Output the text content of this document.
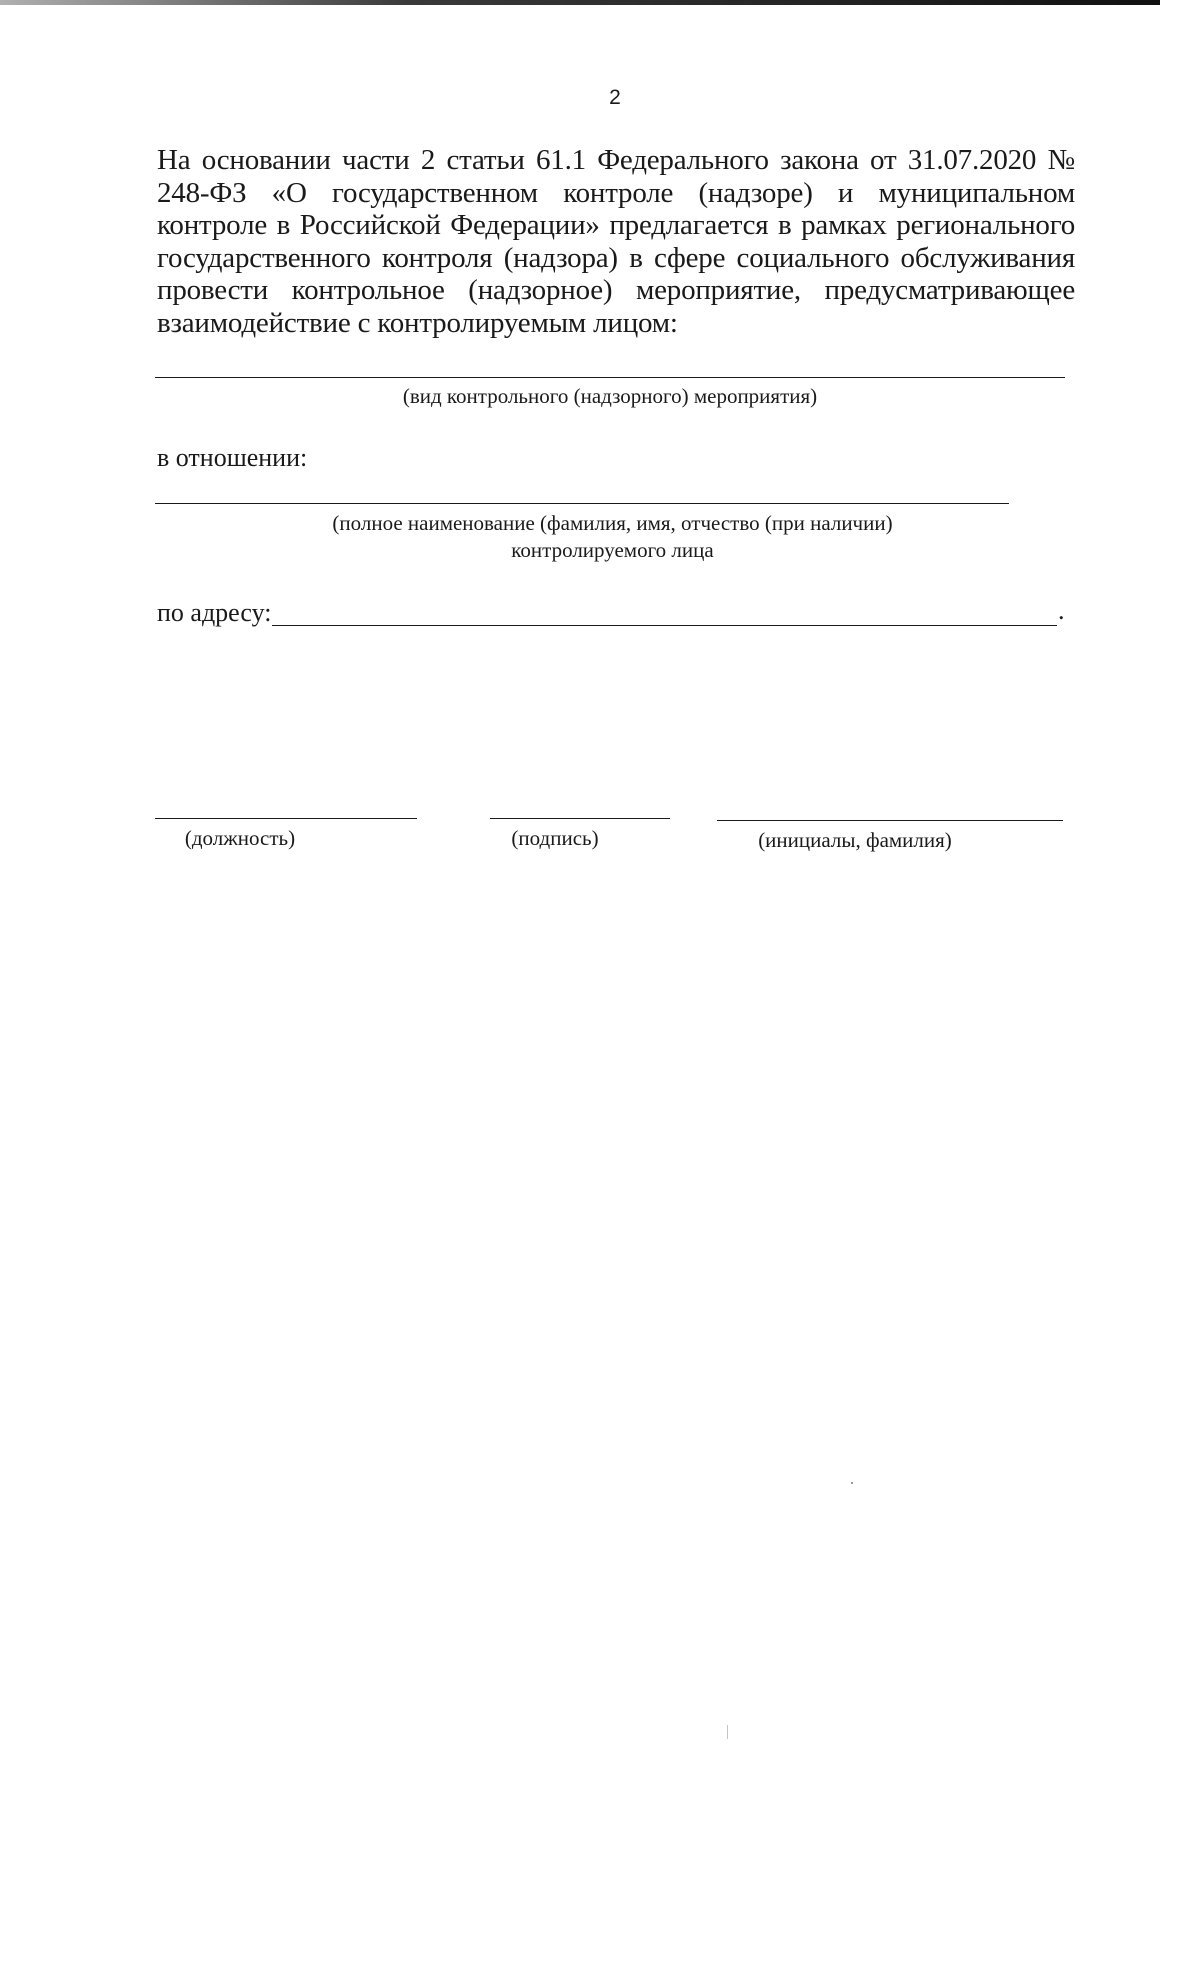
2
На основании части 2 статьи 61.1 Федерального закона от 31.07.2020 № 248-ФЗ «О государственном контроле (надзоре) и муниципальном контроле в Российской Федерации» предлагается в рамках регионального государственного контроля (надзора) в сфере социального обслуживания провести контрольное (надзорное) мероприятие, предусматривающее взаимодействие с контролируемым лицом:
(вид контрольного (надзорного) мероприятия)
в отношении:
(полное наименование (фамилия, имя, отчество (при наличии)
контролируемого лица
по адресу:	.
(должность)	(подпись)	(инициалы, фамилия)
